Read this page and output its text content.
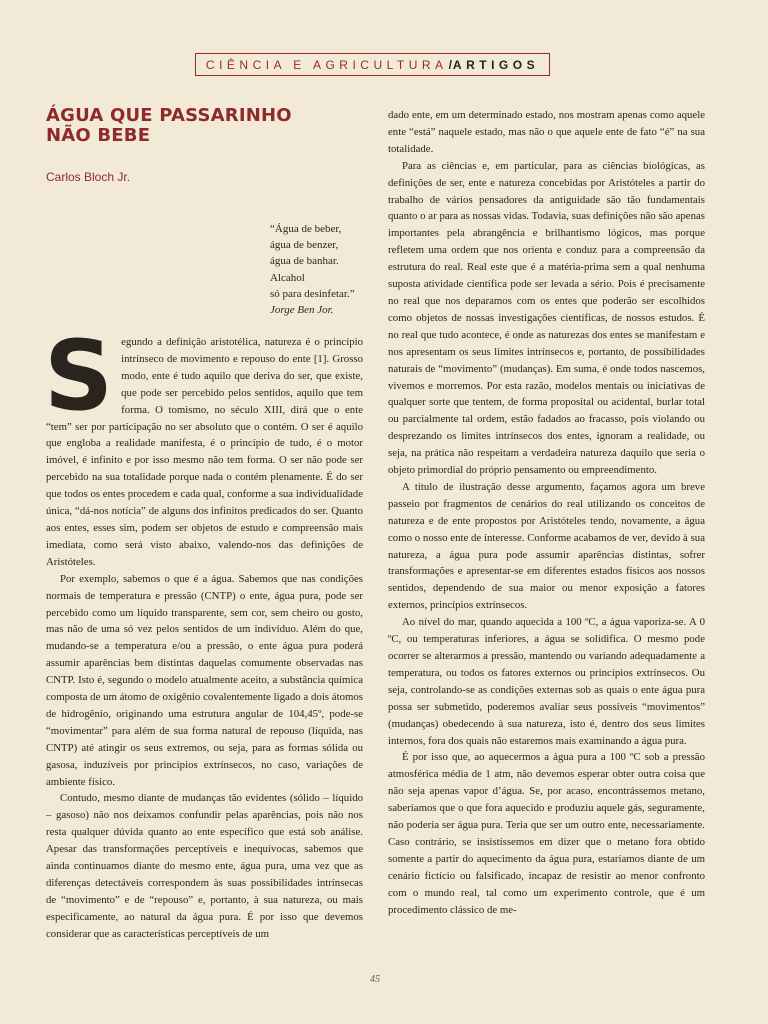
CIÊNCIA E AGRICULTURA / ARTIGOS
ÁGUA QUE PASSARINHO NÃO BEBE

Carlos Bloch Jr.

“Água de beber,
água de benzer,
água de banhar.
Alcahol
só para desinfetar.”
Jorge Ben Jor.
S egundo a definição aristotélica, natureza é o princípio intrínseco de movimento e repouso do ente [1]. Grosso modo, ente é tudo aquilo que deriva do ser, que existe, que pode ser percebido pelos sentidos, aquilo que tem forma. O tomismo, no século XIII, dirá que o ente “tem” ser por participação no ser absoluto que o contém. O ser é aquilo que engloba a realidade manifesta, é o princípio de tudo, é o motor imóvel, é infinito e por isso mesmo não tem forma. O ser não pode ser percebido na sua totalidade porque nada o contém plenamente. É do ser que todos os entes procedem e cada qual, conforme a sua individualidade única, “dá-nos notícia” de alguns dos infinitos predicados do ser. Quanto aos entes, esses sim, podem ser objetos de estudo e compreensão mais imediata, como será visto abaixo, valendo-nos das definições de Aristóteles.

Por exemplo, sabemos o que é a água. Sabemos que nas condições normais de temperatura e pressão (CNTP) o ente, água pura, pode ser percebido como um líquido transparente, sem cor, sem cheiro ou gosto, mas não de uma só vez pelos sentidos de um indivíduo. Além do que, mudando-se a temperatura e/ou a pressão, o ente água pura poderá assumir aparências bem distintas daquelas comumente observadas nas CNTP. Isto é, segundo o modelo atualmente aceito, a substância química composta de um átomo de oxigênio covalentemente ligado a dois átomos de hidrogênio, originando uma estrutura angular de 104,45º, pode-se “movimentar” para além de sua forma natural de repouso (líquida, nas CNTP) até atingir os seus extremos, ou seja, para as formas sólida ou gasosa, induzíveis por princípios extrínsecos, no caso, variações de ambiente físico.

Contudo, mesmo diante de mudanças tão evidentes (sólido – líquido – gasoso) não nos deixamos confundir pelas aparências, pois não nos resta qualquer dúvida quanto ao ente específico que está sob análise. Apesar das transformações perceptíveis e inequívocas, sabemos que ainda continuamos diante do mesmo ente, água pura, uma vez que as diferenças detectáveis correspondem às suas possibilidades intrínsecas de “movimento” e de “repouso” e, portanto, à sua natureza, ou mais especificamente, ao natural da água pura. É por isso que devemos considerar que as características perceptíveis de um

dado ente, em um determinado estado, nos mostram apenas como aquele ente “está” naquele estado, mas não o que aquele ente de fato “é” na sua totalidade.

Para as ciências e, em particular, para as ciências biológicas, as definições de ser, ente e natureza concebidas por Aristóteles a partir do trabalho de vários pensadores da antiguidade são tão fundamentais quanto o ar para as nossas vidas. Todavia, suas definições não são apenas importantes pela abrangência e brilhantismo lógicos, mas porque refletem uma ordem que nos orienta e conduz para a compreensão da estrutura do real. Real este que é a matéria-prima sem a qual nenhuma suposta atividade científica pode ser levada a sério. Pois é precisamente no real que nos deparamos com os entes que poderão ser escolhidos como objetos de nossas investigações científicas, de nossos estudos. É no real que tudo acontece, é onde as naturezas dos entes se manifestam e nos apresentam os seus limites intrínsecos e, portanto, de possibilidades naturais de “movimento” (mudanças). Em suma, é onde todos nascemos, vivemos e morremos. Por esta razão, modelos mentais ou iniciativas de qualquer sorte que tentem, de forma proposital ou acidental, burlar total ou parcialmente tal ordem, estão fadados ao fracasso, pois violando ou desprezando os limites intrínsecos dos entes, ignoram a realidade, ou seja, na prática não respeitam a verdadeira natureza daquilo que seria o objeto primordial do próprio pensamento ou empreendimento.

A título de ilustração desse argumento, façamos agora um breve passeio por fragmentos de cenários do real utilizando os conceitos de natureza e de ente propostos por Aristóteles tendo, novamente, a água como o nosso ente de interesse. Conforme acabamos de ver, devido à sua natureza, a água pura pode assumir aparências distintas, sofrer transformações e apresentar-se em diferentes estados físicos aos nossos sentidos, dependendo de sua maior ou menor exposição a fatores externos, princípios extrínsecos.

Ao nível do mar, quando aquecida a 100 ºC, a água vaporiza-se. A 0 ºC, ou temperaturas inferiores, a água se solidifica. O mesmo pode ocorrer se alterarmos a pressão, mantendo ou variando adequadamente a temperatura, ou todos os fatores externos ou princípios extrínsecos. Ou seja, controlando-se as condições externas sob as quais o ente água pura possa ser submetido, poderemos avaliar seus possíveis “movimentos” (mudanças) obedecendo à sua natureza, isto é, dentro dos seus limites internos, fora dos quais não estaremos mais examinando a água pura.

É por isso que, ao aquecermos a água pura a 100 ºC sob a pressão atmosférica média de 1 atm, não devemos esperar obter outra coisa que não seja apenas vapor d’água. Se, por acaso, encontrássemos metano, saberíamos que o que fora aquecido e produziu aquele gás, seguramente, não poderia ser água pura. Teria que ser um outro ente, necessariamente. Caso contrário, se insistíssemos em dizer que o metano fora obtido somente a partir do aquecimento da água pura, estaríamos diante de um cenário fictício ou falsificado, incapaz de resistir ao menor confronto com o mundo real, tal como um experimento controle, que é um procedimento clássico de me-

45
